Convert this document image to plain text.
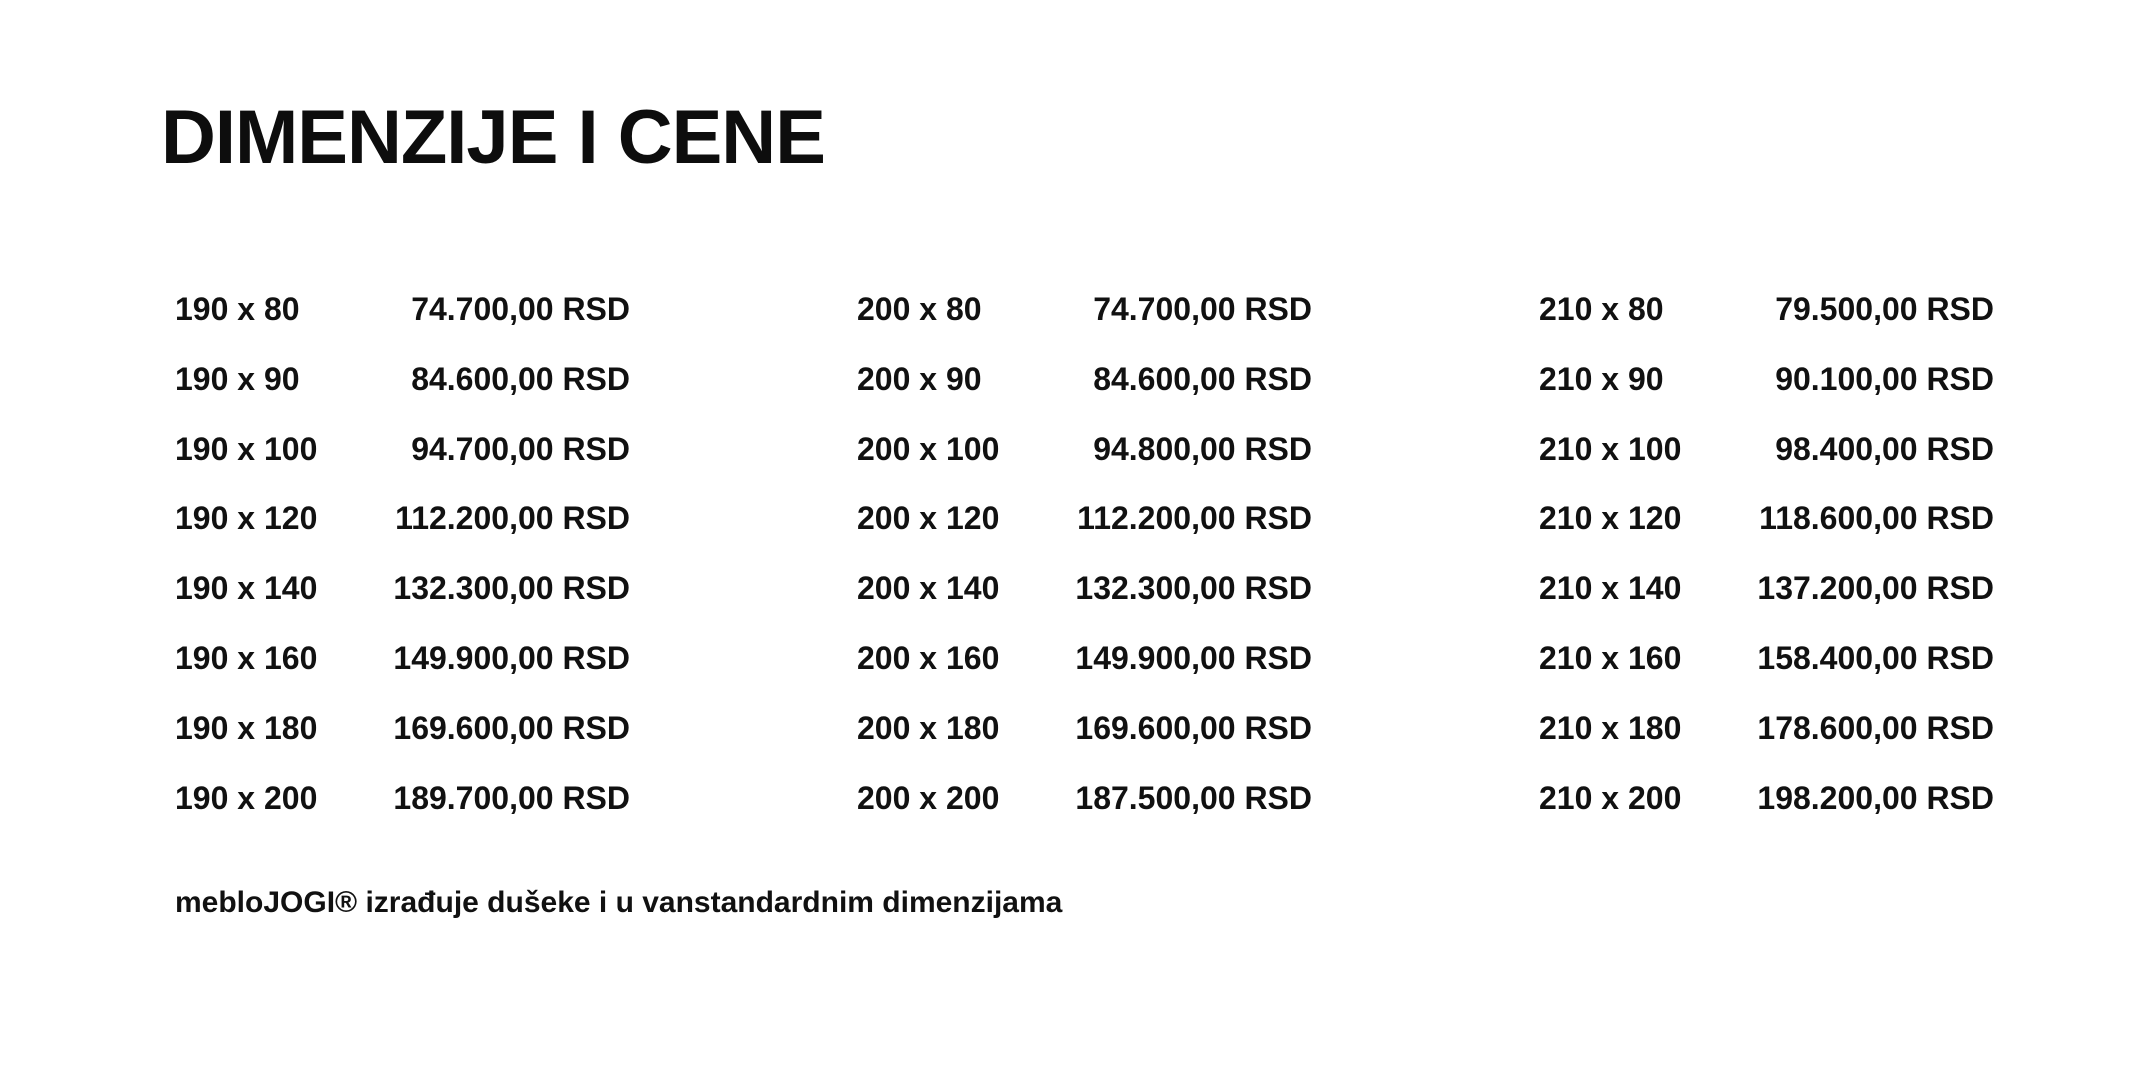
DIMENZIJE I CENE
190 x 80	74.700,00 RSD
190 x 90	84.600,00 RSD
190 x 100	94.700,00 RSD
190 x 120	112.200,00 RSD
190 x 140	132.300,00 RSD
190 x 160	149.900,00 RSD
190 x 180	169.600,00 RSD
190 x 200	189.700,00 RSD
200 x 80	74.700,00 RSD
200 x 90	84.600,00 RSD
200 x 100	94.800,00 RSD
200 x 120	112.200,00 RSD
200 x 140	132.300,00 RSD
200 x 160	149.900,00 RSD
200 x 180	169.600,00 RSD
200 x 200	187.500,00 RSD
210 x 80	79.500,00 RSD
210 x 90	90.100,00 RSD
210 x 100	98.400,00 RSD
210 x 120	118.600,00 RSD
210 x 140	137.200,00 RSD
210 x 160	158.400,00 RSD
210 x 180	178.600,00 RSD
210 x 200	198.200,00 RSD

mebloJOGI® izrađuje dušeke i u vanstandardnim dimenzijama
